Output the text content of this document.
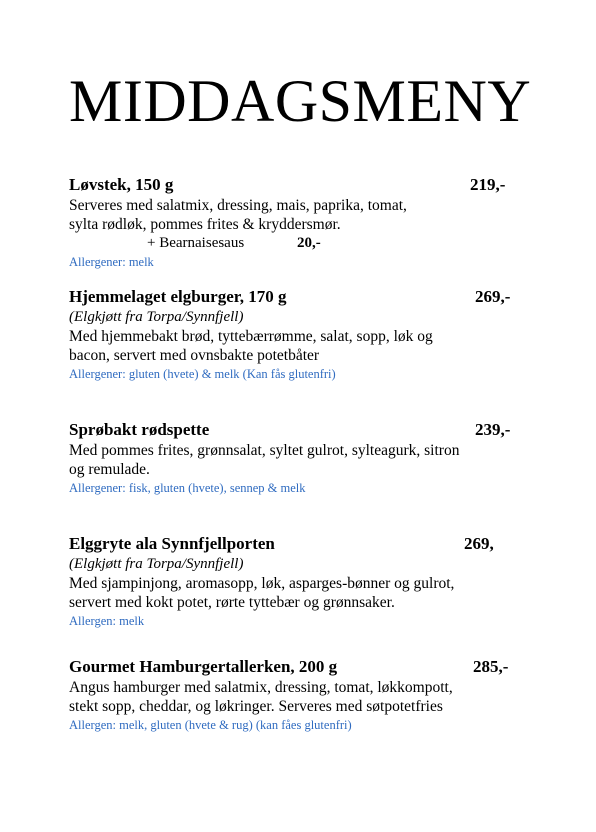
MIDDAGSMENY
Løvstek, 150 g	219,-
Serveres med salatmix, dressing, mais, paprika, tomat,
sylta rødløk, pommes frites & kryddersmør.
+ Bearnaisesaus	20,-
Allergener: melk
Hjemmelaget elgburger, 170 g	269,-
(Elgkjøtt fra Torpa/Synnfjell)
Med hjemmebakt brød, tyttebærrømme, salat, sopp, løk og
bacon, servert med ovnsbakte potetbåter
Allergener: gluten (hvete) & melk (Kan fås glutenfri)
Sprøbakt rødspette	239,-
Med pommes frites, grønnsalat, syltet gulrot, sylteagurk, sitron
og remulade.
Allergener: fisk, gluten (hvete), sennep & melk
Elggryte ala Synnfjellporten	269,
(Elgkjøtt fra Torpa/Synnfjell)
Med sjampinjong, aromasopp, løk, asparges-bønner og gulrot,
servert med kokt potet, rørte tyttebær og grønnsaker.
Allergen: melk
Gourmet Hamburgertallerken, 200 g	285,-
Angus hamburger med salatmix, dressing, tomat, løkkompott,
stekt sopp, cheddar, og løkringer. Serveres med søtpotetfries
Allergen: melk, gluten (hvete & rug) (kan fåes glutenfri)
